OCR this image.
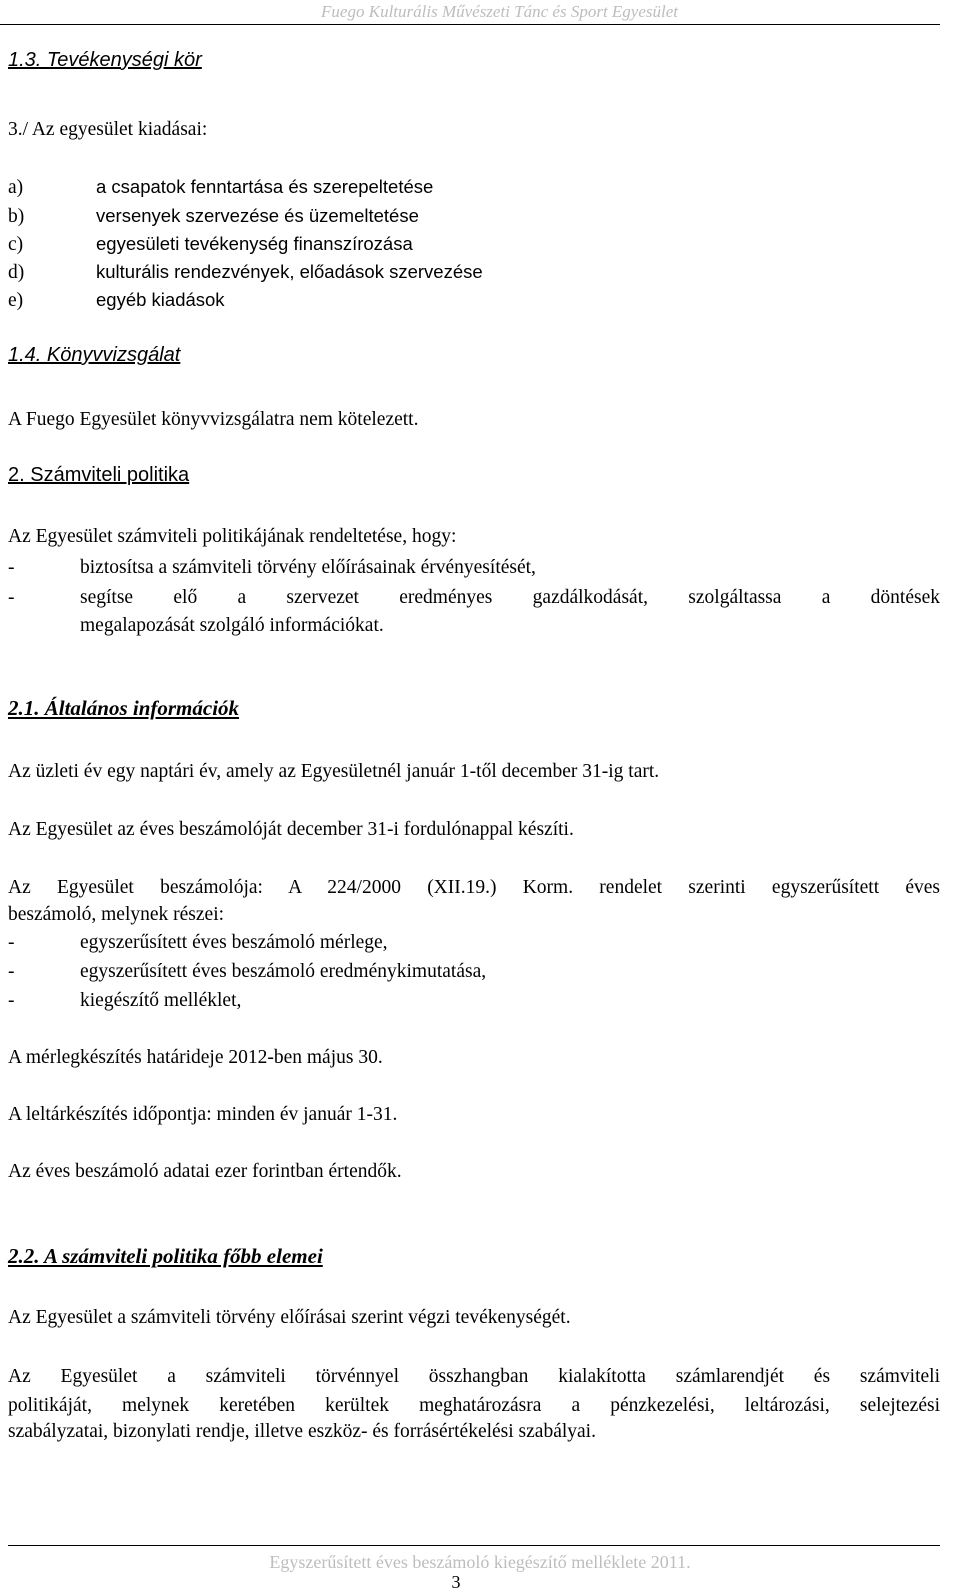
Fuego Kulturális Művészeti Tánc és Sport Egyesület
1.3. Tevékenységi kör
3./ Az egyesület kiadásai:
a)	a csapatok fenntartása és szerepeltetése
b)	versenyek szervezése és üzemeltetése
c)	egyesületi tevékenység finanszírozása
d)	kulturális rendezvények, előadások szervezése
e)	egyéb kiadások
1.4. Könyvvizsgálat
A Fuego Egyesület könyvvizsgálatra nem kötelezett.
2. Számviteli politika
Az Egyesület számviteli politikájának rendeltetése, hogy:
-	biztosítsa a számviteli törvény előírásainak érvényesítését,
-	segítse elő a szervezet eredményes gazdálkodását, szolgáltassa a döntések
megalapozását szolgáló információkat.
2.1. Általános információk
Az üzleti év egy naptári év, amely az Egyesületnél január 1-től december 31-ig tart.
Az Egyesület az éves beszámolóját december 31-i fordulónappal készíti.
Az Egyesület beszámolója: A 224/2000 (XII.19.) Korm. rendelet szerinti egyszerűsített éves
beszámoló, melynek részei:
-	egyszerűsített éves beszámoló mérlege,
-	egyszerűsített éves beszámoló eredménykimutatása,
-	kiegészítő melléklet,
A mérlegkészítés határideje 2012-ben május 30.
A leltárkészítés időpontja: minden év január 1-31.
Az éves beszámoló adatai ezer forintban értendők.
2.2. A számviteli politika főbb elemei
Az Egyesület a számviteli törvény előírásai szerint végzi tevékenységét.
Az Egyesület a számviteli törvénnyel összhangban kialakította számlarendjét és számviteli
politikáját, melynek keretében kerültek meghatározásra a pénzkezelési, leltározási, selejtezési
szabályzatai, bizonylati rendje, illetve eszköz- és forrásértékelési szabályai.
Egyszerűsített éves beszámoló kiegészítő melléklete 2011.
3
